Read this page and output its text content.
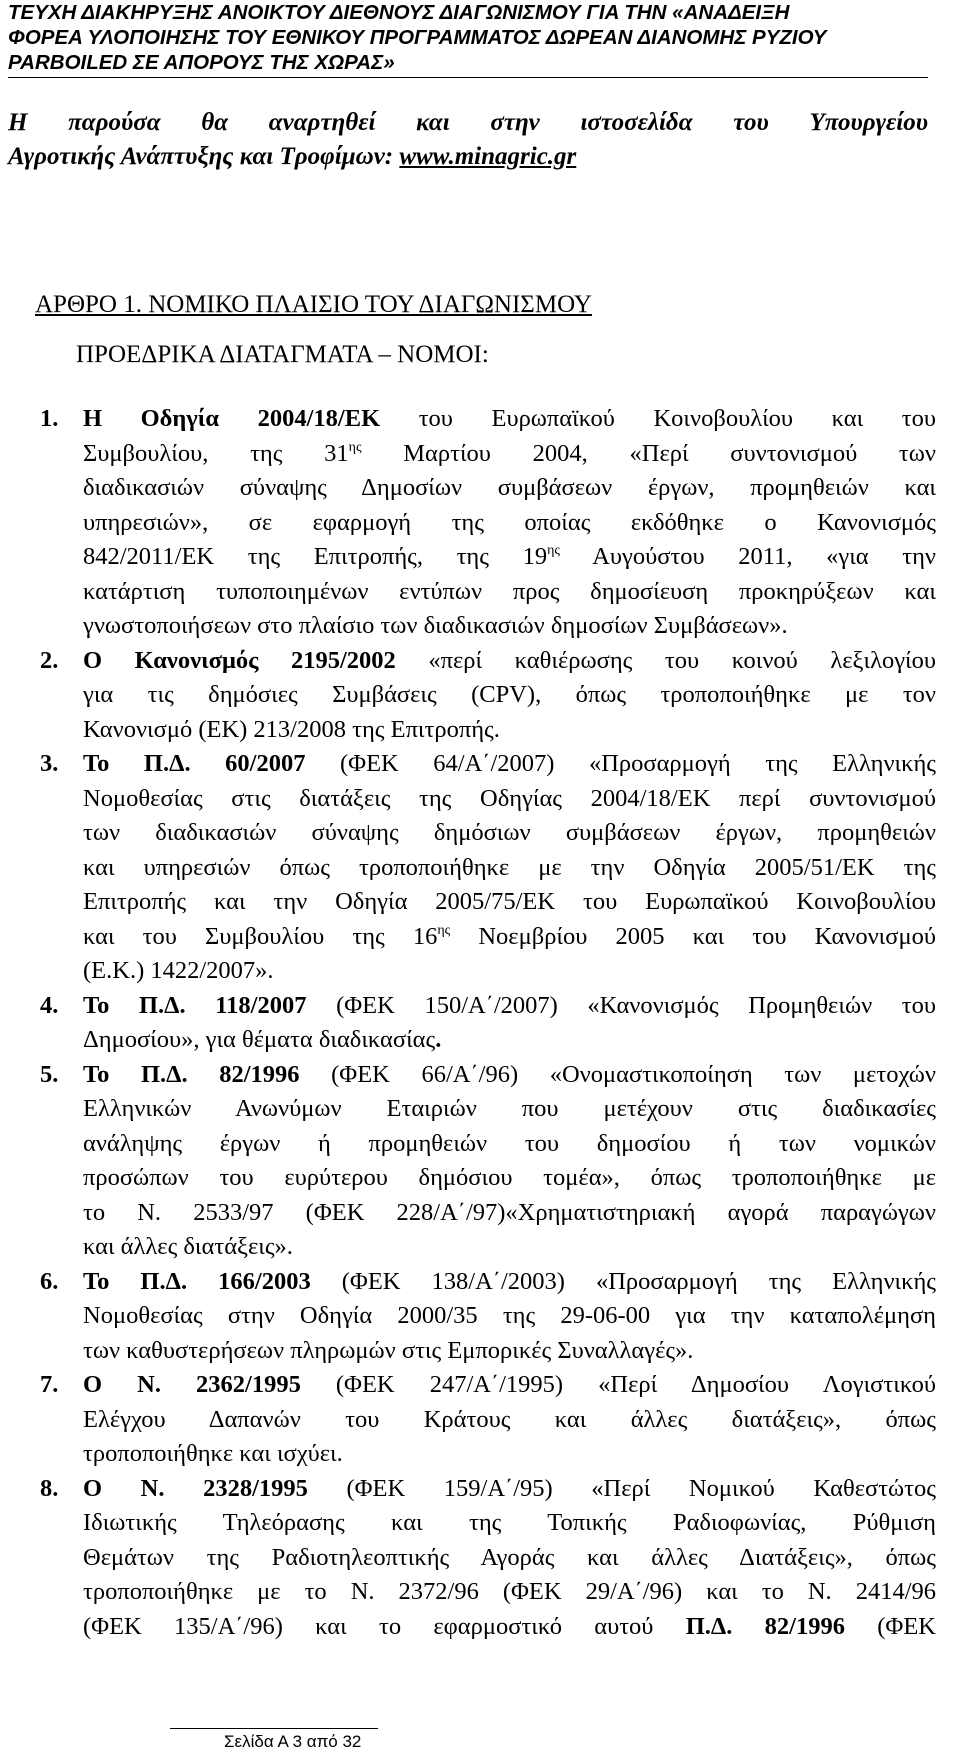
ΤΕΥΧΗ ΔΙΑΚΗΡΥΞΗΣ ΑΝΟΙΚΤΟΥ ΔΙΕΘΝΟΥΣ ΔΙΑΓΩΝΙΣΜΟΥ ΓΙΑ ΤΗΝ «ΑΝΑΔΕΙΞΗ
ΦΟΡΕΑ ΥΛΟΠΟΙΗΣΗΣ ΤΟΥ ΕΘΝΙΚΟΥ ΠΡΟΓΡΑΜΜΑΤΟΣ ΔΩΡΕΑΝ ΔΙΑΝΟΜΗΣ ΡΥΖΙΟΥ
PARBOILED ΣΕ ΑΠΟΡΟΥΣ ΤΗΣ ΧΩΡΑΣ»
Η παρούσα θα αναρτηθεί και στην ιστοσελίδα του Υπουργείου
Αγροτικής Ανάπτυξης και Τροφίμων: www.minagric.gr
ΑΡΘΡΟ 1. ΝΟΜΙΚΟ ΠΛΑΙΣΙΟ ΤΟΥ ΔΙΑΓΩΝΙΣΜΟΥ
ΠΡΟΕΔΡΙΚΑ ΔΙΑΤΑΓΜΑΤΑ – ΝΟΜΟΙ:
1. Η Οδηγία 2004/18/ΕΚ του Ευρωπαϊκού Κοινοβουλίου και του
Συμβουλίου, της $31^{\eta\varsigma}$ Μαρτίου 2004, «Περί συντονισμού των
διαδικασιών σύναψης Δημοσίων συμβάσεων έργων, προμηθειών και
υπηρεσιών», σε εφαρμογή της οποίας εκδόθηκε ο Κανονισμός
842/2011/ΕΚ της Επιτροπής, της $19^{\eta\varsigma}$ Αυγούστου 2011, «για την
κατάρτιση τυποποιημένων εντύπων προς δημοσίευση προκηρύξεων και
γνωστοποιήσεων στο πλαίσιο των διαδικασιών δημοσίων Συμβάσεων».
2. Ο Κανονισμός 2195/2002 «περί καθιέρωσης του κοινού λεξιλογίου
για τις δημόσιες Συμβάσεις (CPV), όπως τροποποιήθηκε με τον
Κανονισμό (ΕΚ) 213/2008 της Επιτροπής.
3. Το Π.Δ. 60/2007 (ΦΕΚ 64/Α΄/2007) «Προσαρμογή της Ελληνικής
Νομοθεσίας στις διατάξεις της Οδηγίας 2004/18/ΕΚ περί συντονισμού
των διαδικασιών σύναψης δημόσιων συμβάσεων έργων, προμηθειών
και υπηρεσιών όπως τροποποιήθηκε με την Οδηγία 2005/51/ΕΚ της
Επιτροπής και την Οδηγία 2005/75/ΕΚ του Ευρωπαϊκού Κοινοβουλίου
και του Συμβουλίου της $16^{\eta\varsigma}$ Νοεμβρίου 2005 και του Κανονισμού
(Ε.Κ.) 1422/2007».
4. Το Π.Δ. 118/2007 (ΦΕΚ 150/Α΄/2007) «Κανονισμός Προμηθειών του
Δημοσίου», για θέματα διαδικασίας.
5. Το Π.Δ. 82/1996 (ΦΕΚ 66/Α΄/96) «Ονομαστικοποίηση των μετοχών
Ελληνικών Ανωνύμων Εταιριών που μετέχουν στις διαδικασίες
ανάληψης έργων ή προμηθειών του δημοσίου ή των νομικών
προσώπων του ευρύτερου δημόσιου τομέα», όπως τροποποιήθηκε με
το Ν. 2533/97 (ΦΕΚ 228/Α΄/97)«Χρηματιστηριακή αγορά παραγώγων
και άλλες διατάξεις».
6. Το Π.Δ. 166/2003 (ΦΕΚ 138/Α΄/2003) «Προσαρμογή της Ελληνικής
Νομοθεσίας στην Οδηγία 2000/35 της 29-06-00 για την καταπολέμηση
των καθυστερήσεων πληρωμών στις Εμπορικές Συναλλαγές».
7. Ο Ν. 2362/1995 (ΦΕΚ 247/Α΄/1995) «Περί Δημοσίου Λογιστικού
Ελέγχου Δαπανών του Κράτους και άλλες διατάξεις», όπως
τροποποιήθηκε και ισχύει.
8. Ο Ν. 2328/1995 (ΦΕΚ 159/Α΄/95) «Περί Νομικού Καθεστώτος
Ιδιωτικής Τηλεόρασης και της Τοπικής Ραδιοφωνίας, Ρύθμιση
Θεμάτων της Ραδιοτηλεοπτικής Αγοράς και άλλες Διατάξεις», όπως
τροποποιήθηκε με το Ν. 2372/96 (ΦΕΚ 29/Α΄/96) και το Ν. 2414/96
(ΦΕΚ 135/Α΄/96) και το εφαρμοστικό αυτού Π.Δ. 82/1996 (ΦΕΚ
Σελίδα Α 3 από 32
